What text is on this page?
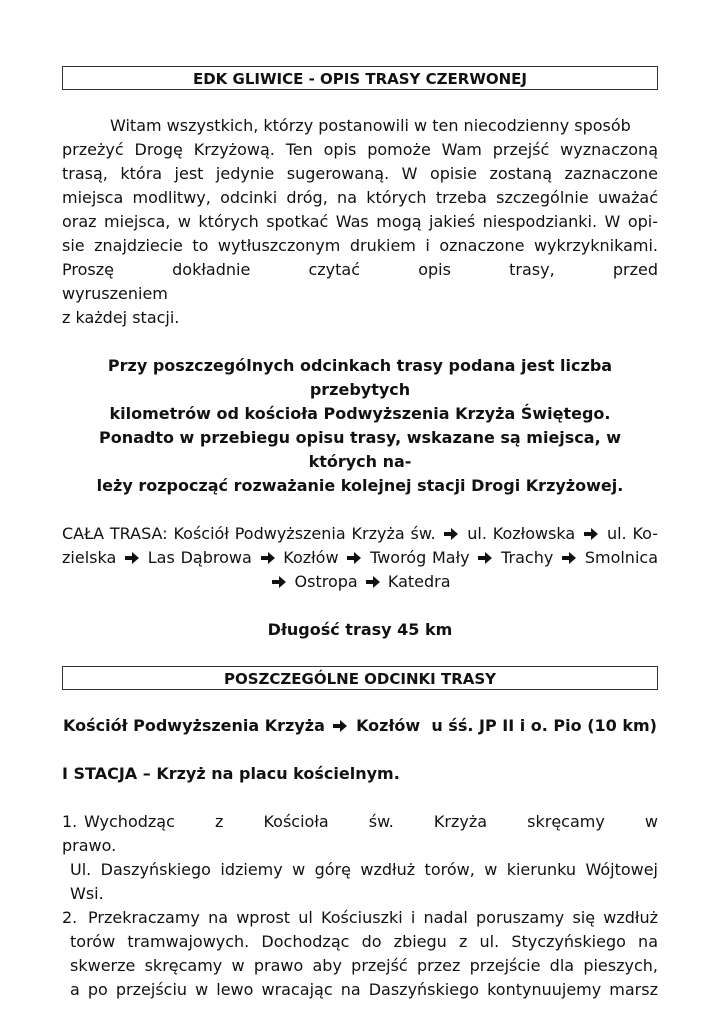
EDK GLIWICE - OPIS TRASY CZERWONEJ
Witam wszystkich, którzy postanowili w ten niecodzienny sposób
przeżyć Drogę Krzyżową. Ten opis pomoże Wam przejść wyznaczoną
trasą, która jest jedynie sugerowaną. W opisie zostaną zaznaczone
miejsca modlitwy, odcinki dróg, na których trzeba szczególnie uważać
oraz miejsca, w których spotkać Was mogą jakieś niespodzianki. W opi-
sie znajdziecie to wytłuszczonym drukiem i oznaczone wykrzyknikami.
Proszę dokładnie czytać opis trasy, przed wyruszeniem
z każdej stacji.
Przy poszczególnych odcinkach trasy podana jest liczba przebytych
kilometrów od kościoła Podwyższenia Krzyża Świętego.
Ponadto w przebiegu opisu trasy, wskazane są miejsca, w których na-
leży rozpocząć rozważanie kolejnej stacji Drogi Krzyżowej.
CAŁA TRASA: Kościół Podwyższenia Krzyża św. ul. Kozłowska ul. Ko-
zielska Las Dąbrowa Kozłów Tworóg Mały Trachy Smolnica
Ostropa Katedra
Długość trasy 45 km
POSZCZEGÓLNE ODCINKI TRASY
Kościół Podwyższenia Krzyża Kozłów  u śś. JP II i o. Pio (10 km)
I STACJA – Krzyż na placu kościelnym.
1. Wychodząc z Kościoła św. Krzyża skręcamy w prawo.
Ul. Daszyńskiego idziemy w górę wzdłuż torów, w kierunku Wójtowej
Wsi.
2. Przekraczamy na wprost ul Kościuszki i nadal poruszamy się wzdłuż
torów tramwajowych. Dochodząc do zbiegu z ul. Styczyńskiego na
skwerze skręcamy w prawo aby przejść przez przejście dla pieszych,
a po przejściu w lewo wracając na Daszyńskiego kontynuujemy marsz
